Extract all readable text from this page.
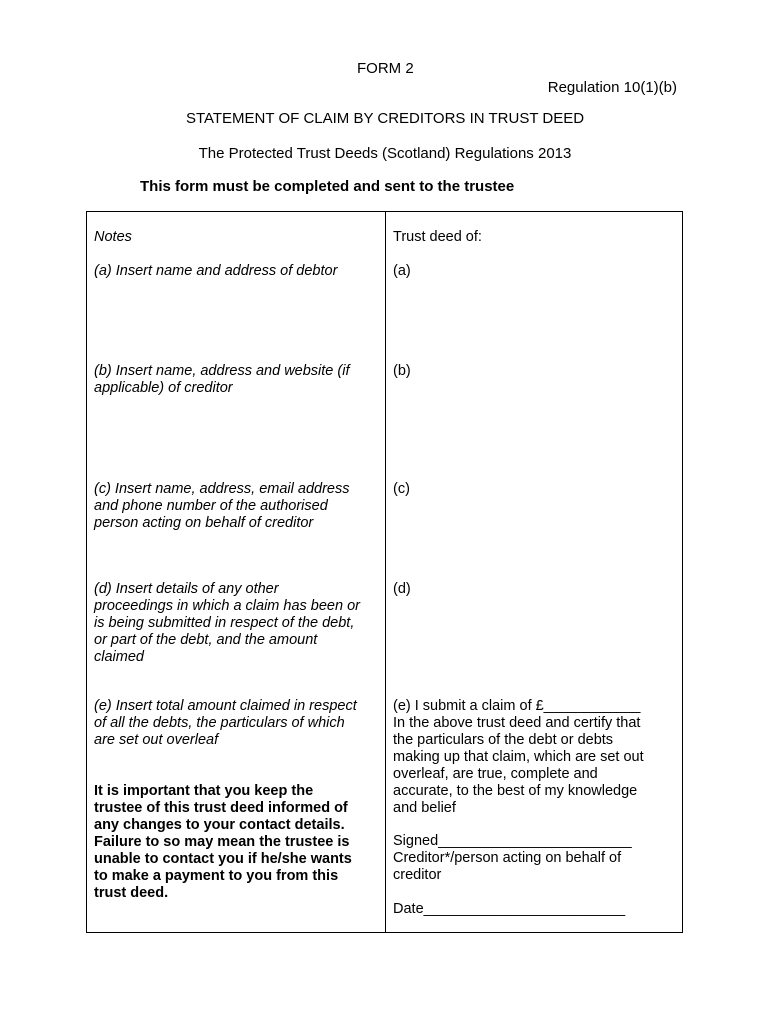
FORM 2

Regulation 10(1)(b)

STATEMENT OF CLAIM BY CREDITORS IN TRUST DEED

The Protected Trust Deeds (Scotland) Regulations 2013

This form must be completed and sent to the trustee

Notes
(a) Insert name and address of debtor
(b) Insert name, address and website (if
applicable) of creditor
(c) Insert name, address, email address
and phone number of the authorised
person acting on behalf of creditor
(d) Insert details of any other
proceedings in which a claim has been or
is being submitted in respect of the debt,
or part of the debt, and the amount
claimed
(e) Insert total amount claimed in respect
of all the debts, the particulars of which
are set out overleaf
It is important that you keep the
trustee of this trust deed informed of
any changes to your contact details.
Failure to so may mean the trustee is
unable to contact you if he/she wants
to make a payment to you from this
trust deed.
Trust deed of:
(a)
(b)
(c)
(d)
(e) I submit a claim of £____________
In the above trust deed and certify that
the particulars of the debt or debts
making up that claim, which are set out
overleaf, are true, complete and
accurate, to the best of my knowledge
and belief
Signed________________________
Creditor*/person acting on behalf of
creditor
Date_________________________
